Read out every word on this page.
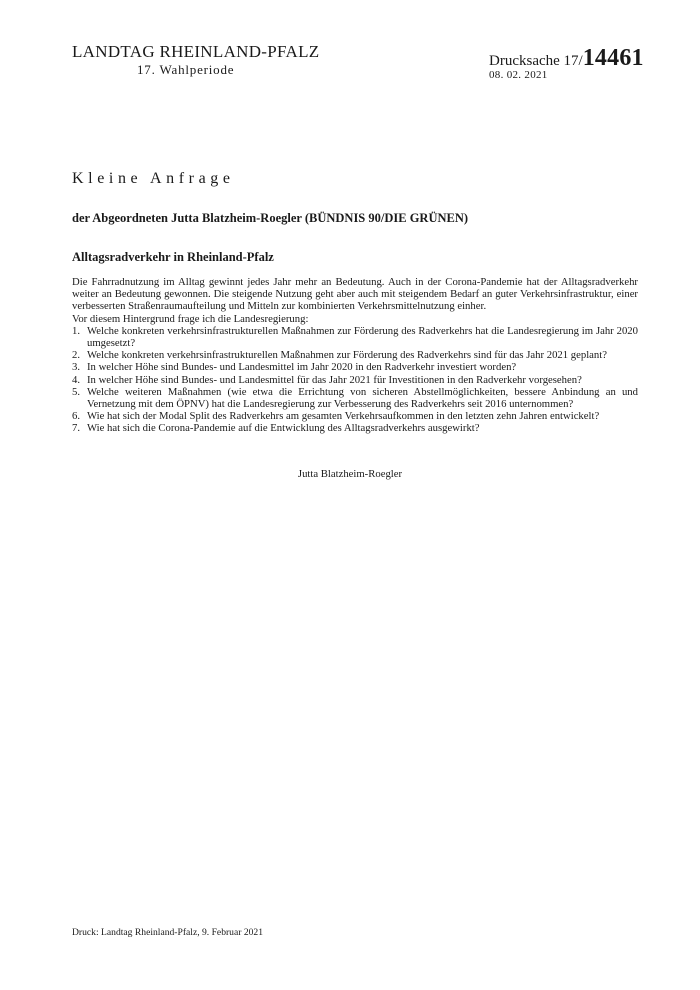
LANDTAG RHEINLAND-PFALZ
17. Wahlperiode
Drucksache 17/14461
08. 02. 2021
Kleine Anfrage
der Abgeordneten Jutta Blatzheim-Roegler (BÜNDNIS 90/DIE GRÜNEN)
Alltagsradverkehr in Rheinland-Pfalz

Die Fahrradnutzung im Alltag gewinnt jedes Jahr mehr an Bedeutung. Auch in der Corona-Pandemie hat der Alltagsradverkehr weiter an Bedeutung gewonnen. Die steigende Nutzung geht aber auch mit steigendem Bedarf an guter Verkehrsinfrastruktur, einer verbesserten Straßenraumaufteilung und Mitteln zur kombinierten Verkehrsmittelnutzung einher.

Vor diesem Hintergrund frage ich die Landesregierung:

1. Welche konkreten verkehrsinfrastrukturellen Maßnahmen zur Förderung des Radverkehrs hat die Landesregierung im Jahr 2020 umgesetzt?
2. Welche konkreten verkehrsinfrastrukturellen Maßnahmen zur Förderung des Radverkehrs sind für das Jahr 2021 geplant?
3. In welcher Höhe sind Bundes- und Landesmittel im Jahr 2020 in den Radverkehr investiert worden?
4. In welcher Höhe sind Bundes- und Landesmittel für das Jahr 2021 für Investitionen in den Radverkehr vorgesehen?
5. Welche weiteren Maßnahmen (wie etwa die Errichtung von sicheren Abstellmöglichkeiten, bessere Anbindung an und Vernetzung mit dem ÖPNV) hat die Landesregierung zur Verbesserung des Radverkehrs seit 2016 unternommen?
6. Wie hat sich der Modal Split des Radverkehrs am gesamten Verkehrsaufkommen in den letzten zehn Jahren entwickelt?
7. Wie hat sich die Corona-Pandemie auf die Entwicklung des Alltagsradverkehrs ausgewirkt?
Jutta Blatzheim-Roegler
Druck: Landtag Rheinland-Pfalz, 9. Februar 2021
